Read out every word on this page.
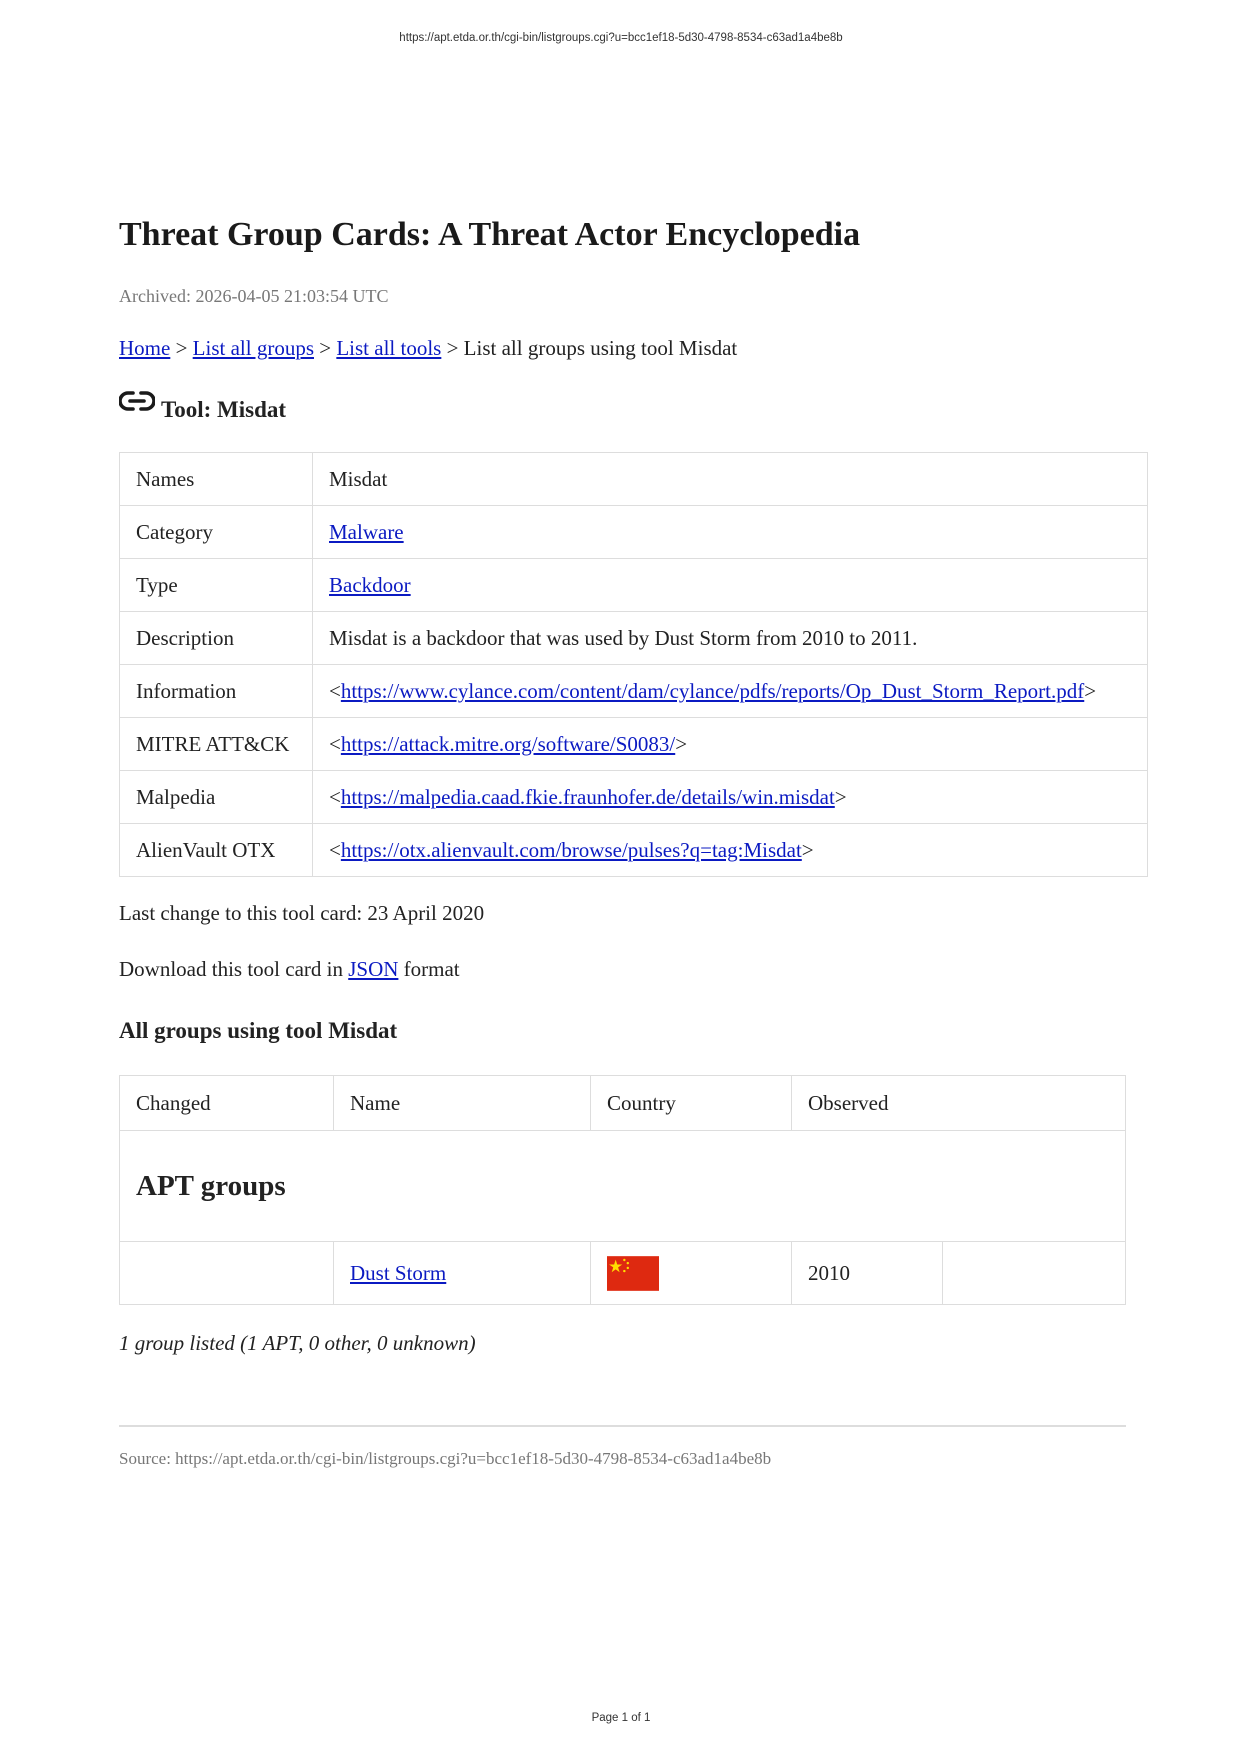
https://apt.etda.or.th/cgi-bin/listgroups.cgi?u=bcc1ef18-5d30-4798-8534-c63ad1a4be8b
Threat Group Cards: A Threat Actor Encyclopedia
Archived: 2026-04-05 21:03:54 UTC
Home > List all groups > List all tools > List all groups using tool Misdat
Tool: Misdat
Names	Misdat
Category	Malware
Type	Backdoor
Description	Misdat is a backdoor that was used by Dust Storm from 2010 to 2011.
Information	<https://www.cylance.com/content/dam/cylance/pdfs/reports/Op_Dust_Storm_Report.pdf>
MITRE ATT&CK	<https://attack.mitre.org/software/S0083/>
Malpedia	<https://malpedia.caad.fkie.fraunhofer.de/details/win.misdat>
AlienVault OTX	<https://otx.alienvault.com/browse/pulses?q=tag:Misdat>
Last change to this tool card: 23 April 2020
Download this tool card in JSON format
All groups using tool Misdat
Changed	Name	Country	Observed	
APT groups				
	Dust Storm		2010	
1 group listed (1 APT, 0 other, 0 unknown)
Source: https://apt.etda.or.th/cgi-bin/listgroups.cgi?u=bcc1ef18-5d30-4798-8534-c63ad1a4be8b
Page 1 of 1
